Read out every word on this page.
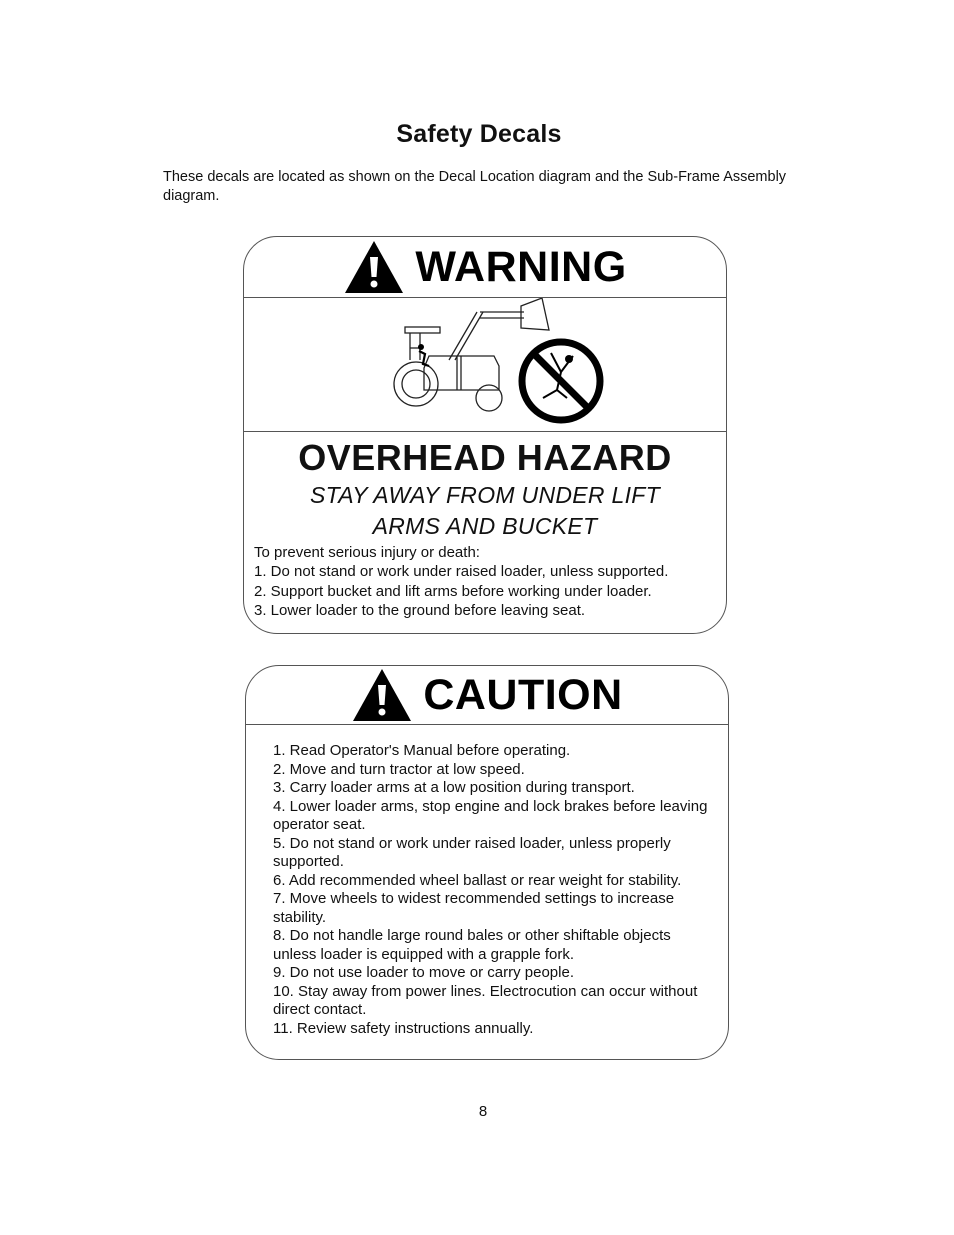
Safety Decals
These decals are located as shown on the Decal Location diagram and the Sub-Frame Assembly diagram.
WARNING
OVERHEAD HAZARD
STAY AWAY FROM UNDER LIFT
ARMS AND BUCKET
To prevent serious injury or death:
1. Do not stand or work under raised loader, unless supported.
2. Support bucket and lift arms before working under loader.
3. Lower loader to the ground before leaving seat.
CAUTION
1. Read Operator's Manual before operating.
2. Move and turn tractor at low speed.
3. Carry loader arms at a low position during transport.
4. Lower loader arms, stop engine and lock brakes before leaving operator seat.
5. Do not stand or work under raised loader, unless properly supported.
6. Add recommended wheel ballast or rear weight for stability.
7. Move wheels to widest recommended settings to increase stability.
8. Do not handle large round bales or other shiftable objects unless loader is equipped with a grapple fork.
9. Do not use loader to move or carry people.
10. Stay away from power lines. Electrocution can occur without direct contact.
11. Review safety instructions annually.
8
